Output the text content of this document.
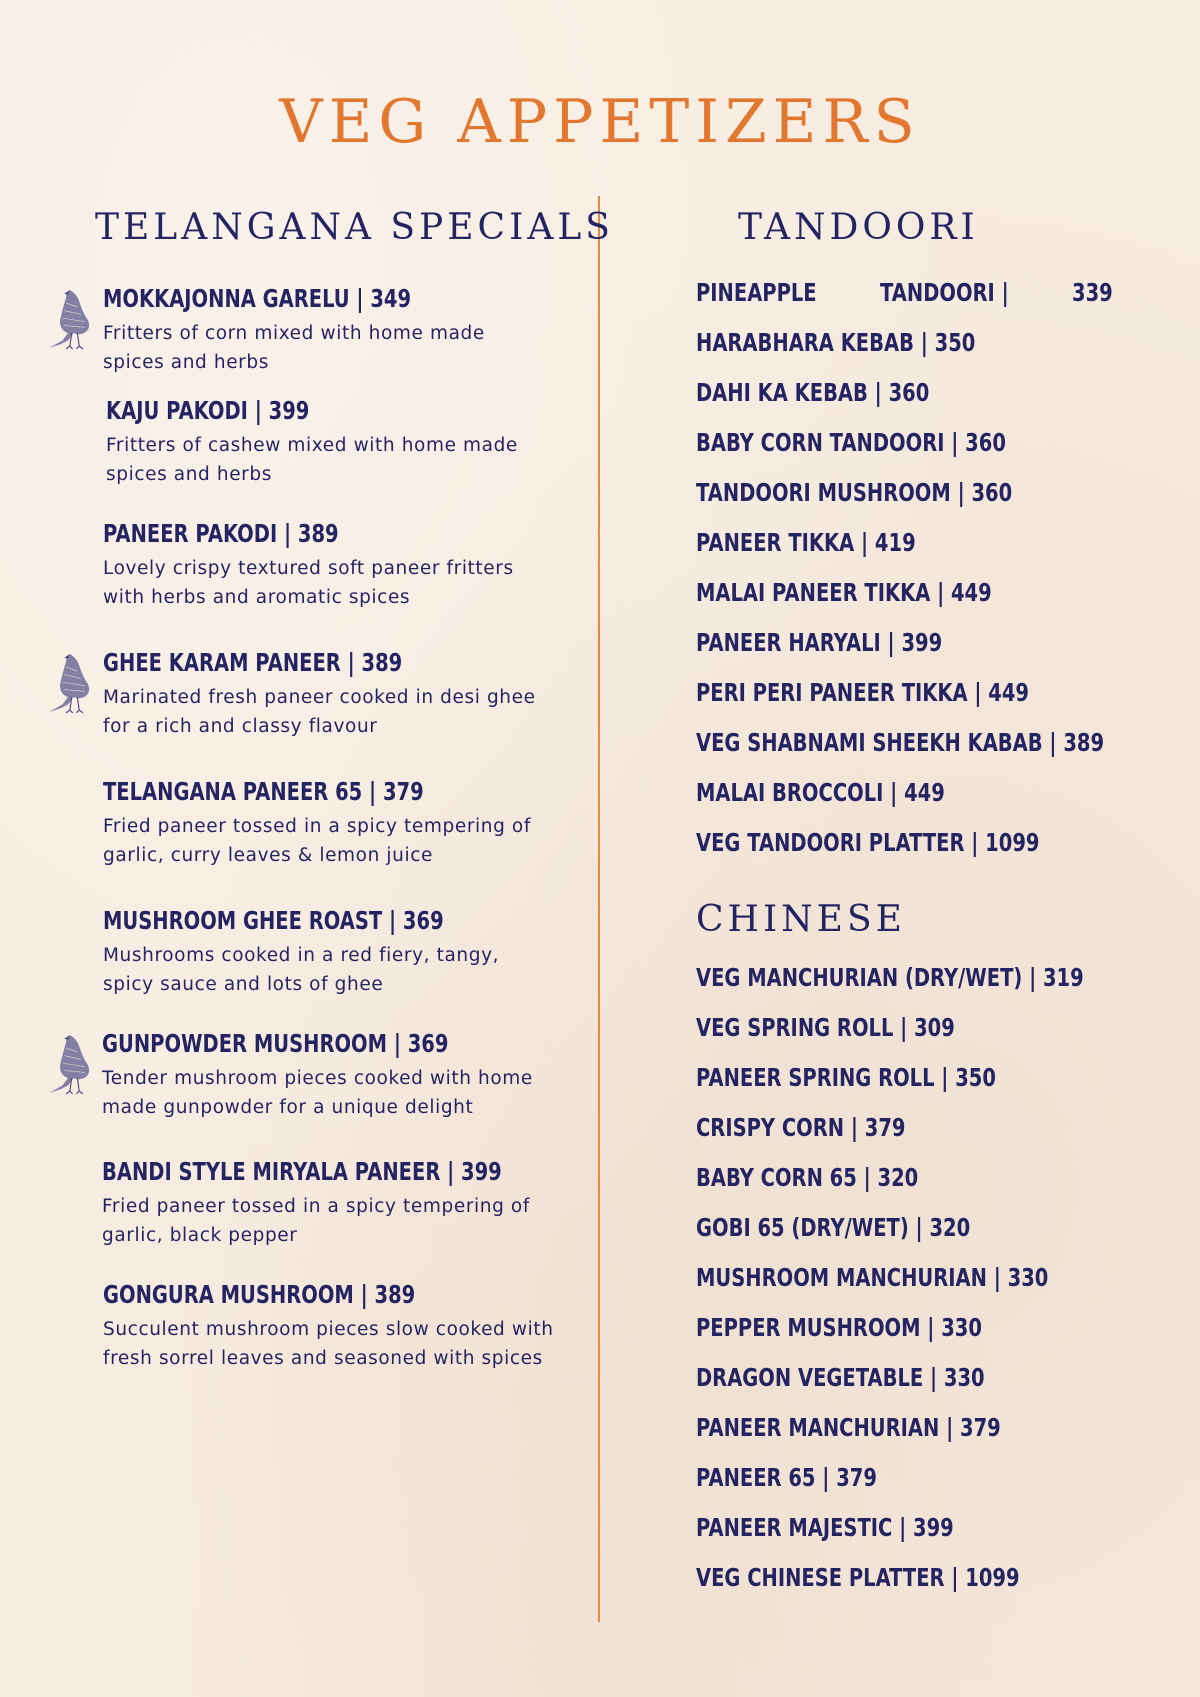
VEG APPETIZERS
TELANGANA SPECIALS
MOKKAJONNA GARELU | 349
Fritters of corn mixed with home made
spices and herbs
KAJU PAKODI | 399
Fritters of cashew mixed with home made
spices and herbs
PANEER PAKODI | 389
Lovely crispy textured soft paneer fritters
with herbs and aromatic spices
GHEE KARAM PANEER | 389
Marinated fresh paneer cooked in desi ghee
for a rich and classy flavour
TELANGANA PANEER 65 | 379
Fried paneer tossed in a spicy tempering of
garlic, curry leaves & lemon juice
MUSHROOM GHEE ROAST | 369
Mushrooms cooked in a red fiery, tangy,
spicy sauce and lots of ghee
GUNPOWDER MUSHROOM | 369
Tender mushroom pieces cooked with home
made gunpowder for a unique delight
BANDI STYLE MIRYALA PANEER | 399
Fried paneer tossed in a spicy tempering of
garlic, black pepper
GONGURA MUSHROOM | 389
Succulent mushroom pieces slow cooked with
fresh sorrel leaves and seasoned with spices
TANDOORI
PINEAPPLE	TANDOORI |	339
HARABHARA KEBAB | 350
DAHI KA KEBAB | 360
BABY CORN TANDOORI | 360
TANDOORI MUSHROOM | 360
PANEER TIKKA | 419
MALAI PANEER TIKKA | 449
PANEER HARYALI | 399
PERI PERI PANEER TIKKA | 449
VEG SHABNAMI SHEEKH KABAB | 389
MALAI BROCCOLI | 449
VEG TANDOORI PLATTER | 1099
CHINESE
VEG MANCHURIAN (DRY/WET) | 319
VEG SPRING ROLL | 309
PANEER SPRING ROLL | 350
CRISPY CORN | 379
BABY CORN 65 | 320
GOBI 65 (DRY/WET) | 320
MUSHROOM MANCHURIAN | 330
PEPPER MUSHROOM | 330
DRAGON VEGETABLE | 330
PANEER MANCHURIAN | 379
PANEER 65 | 379
PANEER MAJESTIC | 399
VEG CHINESE PLATTER | 1099
